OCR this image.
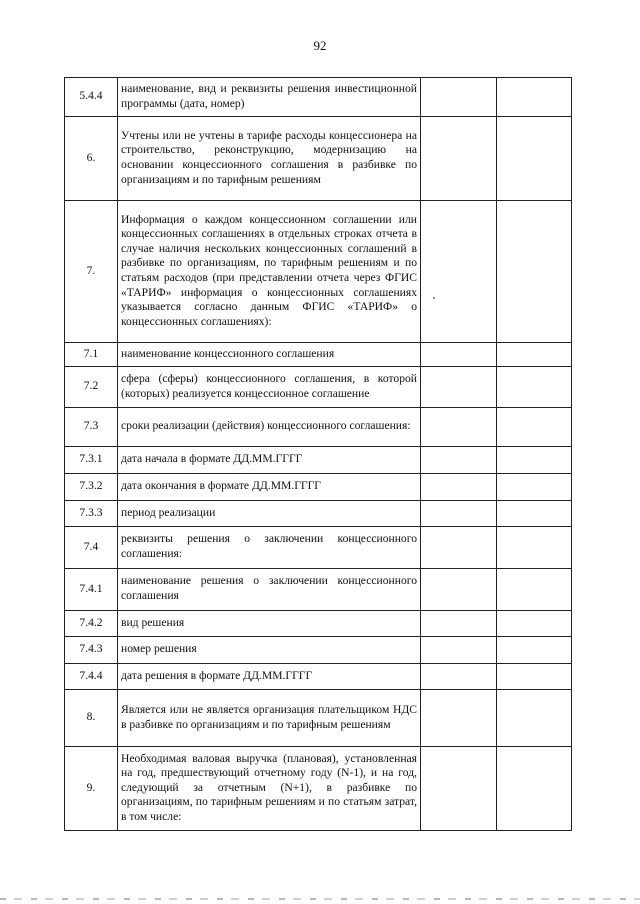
92
5.4.4	наименование, вид и реквизиты решения инвестиционной программы (дата, номер)		
6.	Учтены или не учтены в тарифе расходы концессионера на строительство, реконструкцию, модернизацию на основании концессионного соглашения в разбивке по организациям и по тарифным решениям		
7.	Информация о каждом концессионном соглашении или концессионных соглашениях в отдельных строках отчета в случае наличия нескольких концессионных соглашений в разбивке по организациям, по тарифным решениям и по статьям расходов (при представлении отчета через ФГИС «ТАРИФ» информация о концессионных соглашениях указывается согласно данным ФГИС «ТАРИФ» о концессионных соглашениях):		
7.1	наименование концессионного соглашения		
7.2	сфера (сферы) концессионного соглашения, в которой (которых) реализуется концессионное соглашение		
7.3	сроки реализации (действия) концессионного соглашения:		
7.3.1	дата начала в формате ДД.ММ.ГГГГ		
7.3.2	дата окончания в формате ДД.ММ.ГГГГ		
7.3.3	период реализации		
7.4	реквизиты решения о заключении концессионного соглашения:		
7.4.1	наименование решения о заключении концессионного соглашения		
7.4.2	вид решения		
7.4.3	номер решения		
7.4.4	дата решения в формате ДД.ММ.ГГГГ		
8.	Является или не является организация плательщиком НДС в разбивке по организациям и по тарифным решениям		
9.	Необходимая валовая выручка (плановая), установленная на год, предшествующий отчетному году (N-1), и на год, следующий за отчетным (N+1), в разбивке по организациям, по тарифным решениям и по статьям затрат, в том числе:		
